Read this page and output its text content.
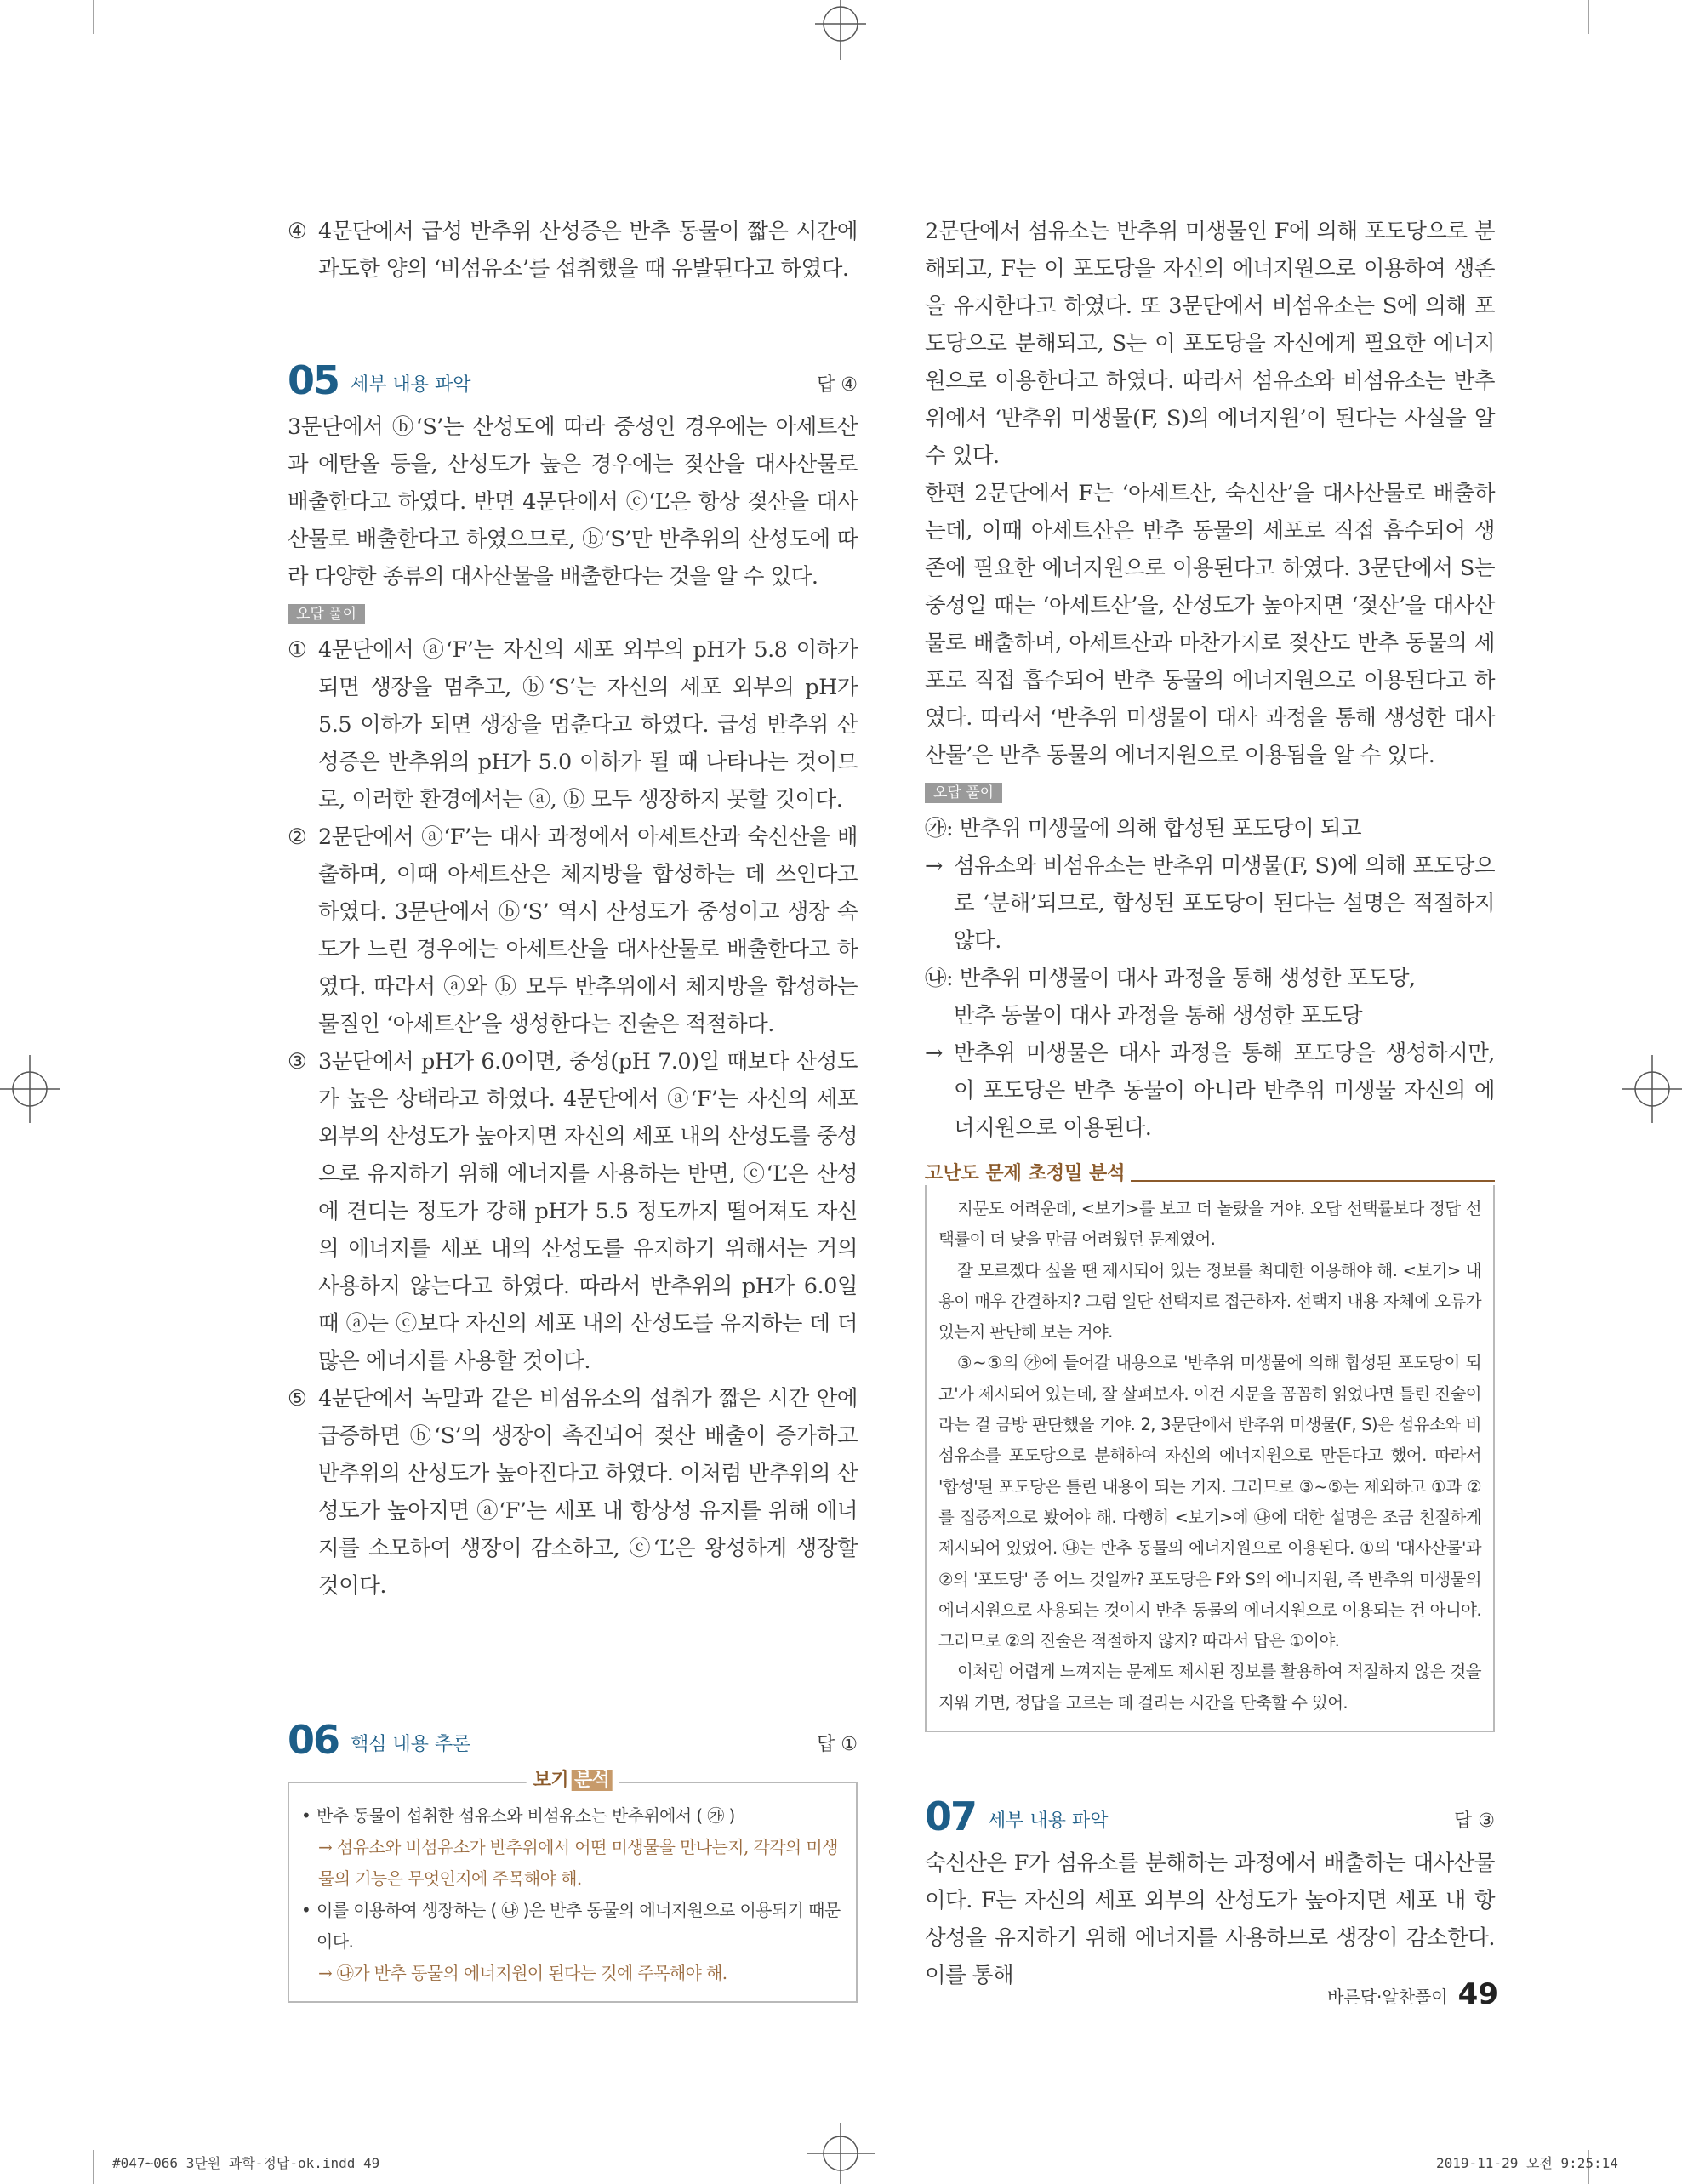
④ 4문단에서 급성 반추위 산성증은 반추 동물이 짧은 시간에 과도한 양의 ‘비섬유소’를 섭취했을 때 유발된다고 하였다.
05 세부 내용 파악	답 ④

3문단에서 ⓑ‘S’는 산성도에 따라 중성인 경우에는 아세트산과 에탄올 등을, 산성도가 높은 경우에는 젖산을 대사산물로 배출한다고 하였다. 반면 4문단에서 ⓒ‘L’은 항상 젖산을 대사산물로 배출한다고 하였으므로, ⓑ‘S’만 반추위의 산성도에 따라 다양한 종류의 대사산물을 배출한다는 것을 알 수 있다.

오답 풀이
① 4문단에서 ⓐ‘F’는 자신의 세포 외부의 pH가 5.8 이하가 되면 생장을 멈추고, ⓑ‘S’는 자신의 세포 외부의 pH가 5.5 이하가 되면 생장을 멈춘다고 하였다. 급성 반추위 산성증은 반추위의 pH가 5.0 이하가 될 때 나타나는 것이므로, 이러한 환경에서는 ⓐ, ⓑ 모두 생장하지 못할 것이다.
② 2문단에서 ⓐ‘F’는 대사 과정에서 아세트산과 숙신산을 배출하며, 이때 아세트산은 체지방을 합성하는 데 쓰인다고 하였다. 3문단에서 ⓑ‘S’ 역시 산성도가 중성이고 생장 속도가 느린 경우에는 아세트산을 대사산물로 배출한다고 하였다. 따라서 ⓐ와 ⓑ 모두 반추위에서 체지방을 합성하는 물질인 ‘아세트산’을 생성한다는 진술은 적절하다.
③ 3문단에서 pH가 6.0이면, 중성(pH 7.0)일 때보다 산성도가 높은 상태라고 하였다. 4문단에서 ⓐ‘F’는 자신의 세포 외부의 산성도가 높아지면 자신의 세포 내의 산성도를 중성으로 유지하기 위해 에너지를 사용하는 반면, ⓒ‘L’은 산성에 견디는 정도가 강해 pH가 5.5 정도까지 떨어져도 자신의 에너지를 세포 내의 산성도를 유지하기 위해서는 거의 사용하지 않는다고 하였다. 따라서 반추위의 pH가 6.0일 때 ⓐ는 ⓒ보다 자신의 세포 내의 산성도를 유지하는 데 더 많은 에너지를 사용할 것이다.
⑤ 4문단에서 녹말과 같은 비섬유소의 섭취가 짧은 시간 안에 급증하면 ⓑ‘S’의 생장이 촉진되어 젖산 배출이 증가하고 반추위의 산성도가 높아진다고 하였다. 이처럼 반추위의 산성도가 높아지면 ⓐ‘F’는 세포 내 항상성 유지를 위해 에너지를 소모하여 생장이 감소하고, ⓒ‘L’은 왕성하게 생장할 것이다.
06 핵심 내용 추론	답 ①
보기 분석
• 반추 동물이 섭취한 섬유소와 비섬유소는 반추위에서 ( ㉮ )
→ 섬유소와 비섬유소가 반추위에서 어떤 미생물을 만나는지, 각각의 미생물의 기능은 무엇인지에 주목해야 해.
• 이를 이용하여 생장하는 ( ㉯ )은 반추 동물의 에너지원으로 이용되기 때문이다.
→ ㉯가 반추 동물의 에너지원이 된다는 것에 주목해야 해.

2문단에서 섬유소는 반추위 미생물인 F에 의해 포도당으로 분해되고, F는 이 포도당을 자신의 에너지원으로 이용하여 생존을 유지한다고 하였다. 또 3문단에서 비섬유소는 S에 의해 포도당으로 분해되고, S는 이 포도당을 자신에게 필요한 에너지원으로 이용한다고 하였다. 따라서 섬유소와 비섬유소는 반추위에서 ‘반추위 미생물(F, S)의 에너지원’이 된다는 사실을 알 수 있다.

한편 2문단에서 F는 ‘아세트산, 숙신산’을 대사산물로 배출하는데, 이때 아세트산은 반추 동물의 세포로 직접 흡수되어 생존에 필요한 에너지원으로 이용된다고 하였다. 3문단에서 S는 중성일 때는 ‘아세트산’을, 산성도가 높아지면 ‘젖산’을 대사산물로 배출하며, 아세트산과 마찬가지로 젖산도 반추 동물의 세포로 직접 흡수되어 반추 동물의 에너지원으로 이용된다고 하였다. 따라서 ‘반추위 미생물이 대사 과정을 통해 생성한 대사산물’은 반추 동물의 에너지원으로 이용됨을 알 수 있다.

오답 풀이
㉮: 반추위 미생물에 의해 합성된 포도당이 되고
→ 섬유소와 비섬유소는 반추위 미생물(F, S)에 의해 포도당으로 ‘분해’되므로, 합성된 포도당이 된다는 설명은 적절하지 않다.
㉯: 반추위 미생물이 대사 과정을 통해 생성한 포도당,
반추 동물이 대사 과정을 통해 생성한 포도당
→ 반추위 미생물은 대사 과정을 통해 포도당을 생성하지만, 이 포도당은 반추 동물이 아니라 반추위 미생물 자신의 에너지원으로 이용된다.
고난도 문제 초정밀 분석

지문도 어려운데, <보기>를 보고 더 놀랐을 거야. 오답 선택률보다 정답 선택률이 더 낮을 만큼 어려웠던 문제였어.

잘 모르겠다 싶을 땐 제시되어 있는 정보를 최대한 이용해야 해. <보기> 내용이 매우 간결하지? 그럼 일단 선택지로 접근하자. 선택지 내용 자체에 오류가 있는지 판단해 보는 거야.

③~⑤의 ㉮에 들어갈 내용으로 '반추위 미생물에 의해 합성된 포도당이 되고'가 제시되어 있는데, 잘 살펴보자. 이건 지문을 꼼꼼히 읽었다면 틀린 진술이라는 걸 금방 판단했을 거야. 2, 3문단에서 반추위 미생물(F, S)은 섬유소와 비섬유소를 포도당으로 분해하여 자신의 에너지원으로 만든다고 했어. 따라서 '합성'된 포도당은 틀린 내용이 되는 거지. 그러므로 ③~⑤는 제외하고 ①과 ②를 집중적으로 봤어야 해. 다행히 <보기>에 ㉯에 대한 설명은 조금 친절하게 제시되어 있었어. ㉯는 반추 동물의 에너지원으로 이용된다. ①의 '대사산물'과 ②의 '포도당' 중 어느 것일까? 포도당은 F와 S의 에너지원, 즉 반추위 미생물의 에너지원으로 사용되는 것이지 반추 동물의 에너지원으로 이용되는 건 아니야. 그러므로 ②의 진술은 적절하지 않지? 따라서 답은 ①이야.

이처럼 어렵게 느껴지는 문제도 제시된 정보를 활용하여 적절하지 않은 것을 지워 가면, 정답을 고르는 데 걸리는 시간을 단축할 수 있어.

07 세부 내용 파악	답 ③

숙신산은 F가 섬유소를 분해하는 과정에서 배출하는 대사산물이다. F는 자신의 세포 외부의 산성도가 높아지면 세포 내 항상성을 유지하기 위해 에너지를 사용하므로 생장이 감소한다. 이를 통해

바른답·알찬풀이 49
#047~066 3단원 과학-정답-ok.indd 49	2019-11-29 오전 9:25:14
